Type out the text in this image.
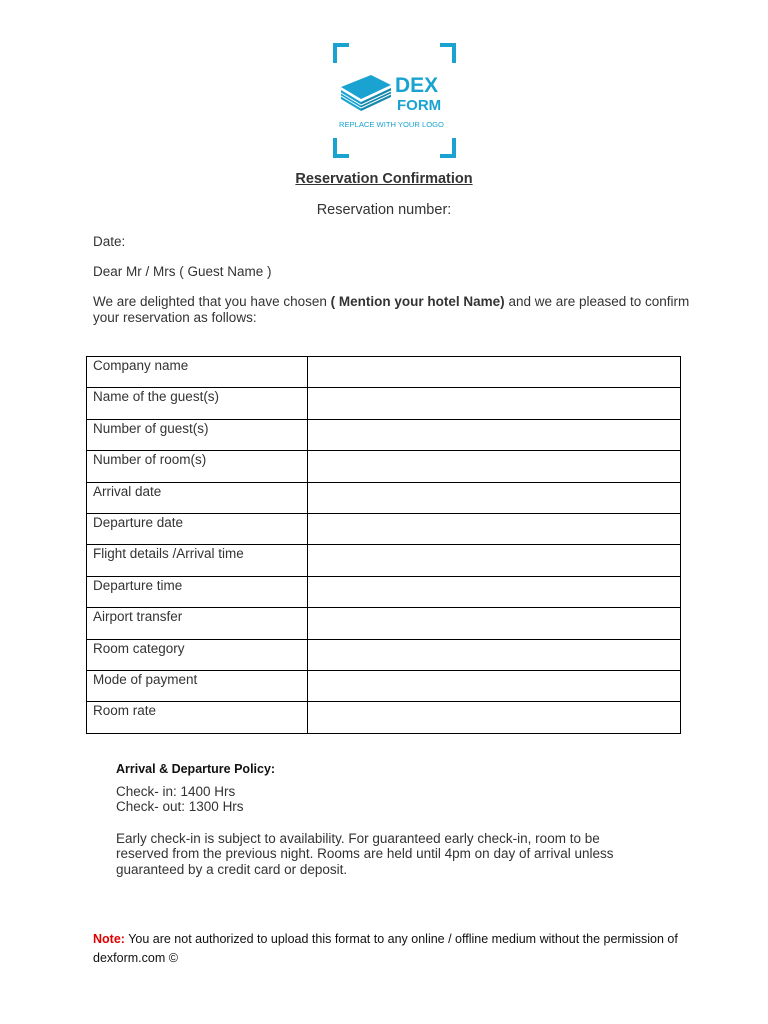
DEX
FORM
REPLACE WITH YOUR LOGO
Reservation Confirmation
Reservation number:
Date:
Dear Mr / Mrs ( Guest Name )
We are delighted that you have chosen ( Mention your hotel Name) and we are pleased to confirm your reservation as follows:
Company name	
Name of the guest(s)	
Number of guest(s)	
Number of room(s)	
Arrival date	
Departure date	
Flight details /Arrival time	
Departure time	
Airport transfer	
Room category	
Mode of payment	
Room rate	
Arrival & Departure Policy:
Check- in: 1400 Hrs
Check- out: 1300 Hrs
Early check-in is subject to availability. For guaranteed early check-in, room to be reserved from the previous night. Rooms are held until 4pm on day of arrival unless guaranteed by a credit card or deposit.
Note: You are not authorized to upload this format to any online / offline medium without the permission of dexform.com ©
